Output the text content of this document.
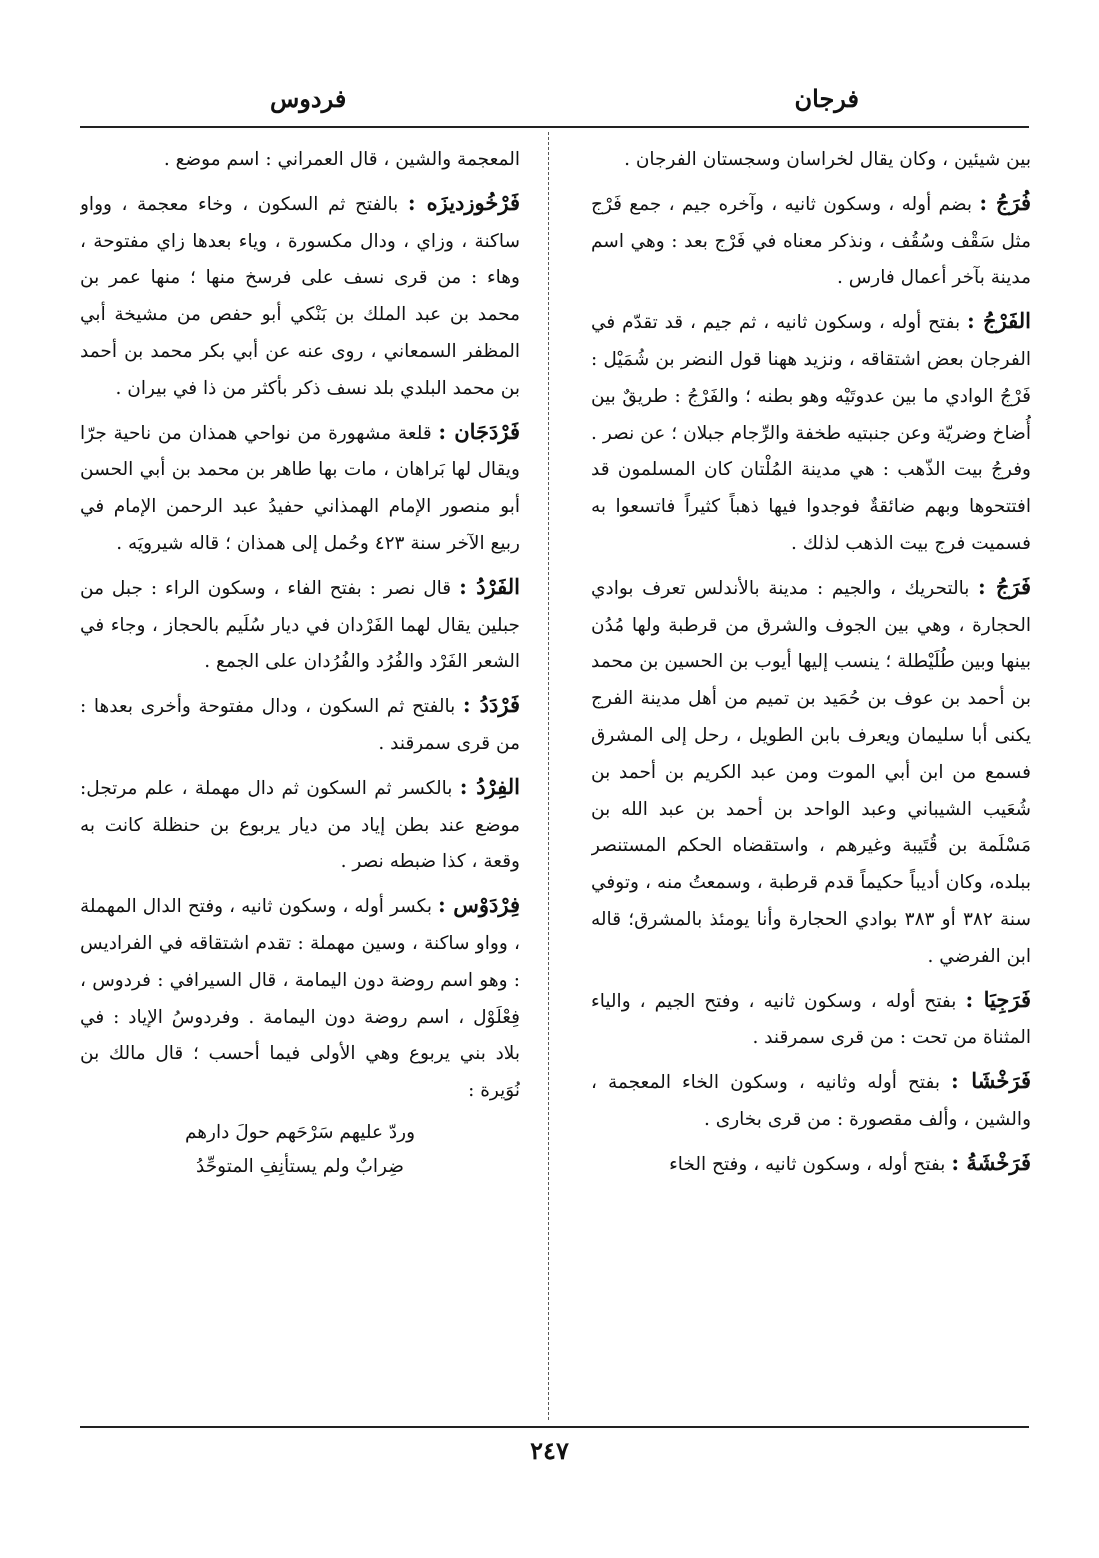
فرجان
فردوس

بين شيئين ، وكان يقال لخراسان وسجستان الفرجان .

فُرَجُ : بضم أوله ، وسكون ثانيه ، وآخره جيم ، جمع فَرْج مثل سَقْف وسُقُف ، ونذكر معناه في فَرْج بعد : وهي اسم مدينة بآخر أعمال فارس .

الفَرْجُ : بفتح أوله ، وسكون ثانيه ، ثم جيم ، قد تقدّم في الفرجان بعض اشتقاقه ، ونزيد ههنا قول النضر بن شُمَيْل : فَرْجُ الوادي ما بين عدوتَيْه وهو بطنه ؛ والفَرْجُ : طريقٌ بين أُضاخ وضريّة وعن جنبتيه طخفة والرِّجام جبلان ؛ عن نصر . وفرجُ بيت الذّهب : هي مدينة المُلْتان كان المسلمون قد افتتحوها وبهم ضائقةٌ فوجدوا فيها ذهباً كثيراً فاتسعوا به فسميت فرج بيت الذهب لذلك .

فَرَجُ : بالتحريك ، والجيم : مدينة بالأندلس تعرف بوادي الحجارة ، وهي بين الجوف والشرق من قرطبة ولها مُدُن بينها وبين طُلَيْطلة ؛ ينسب إليها أيوب بن الحسين بن محمد بن أحمد بن عوف بن حُمَيد بن تميم من أهل مدينة الفرج يكنى أبا سليمان ويعرف بابن الطويل ، رحل إلى المشرق فسمع من ابن أبي الموت ومن عبد الكريم بن أحمد بن شُعَيب الشيباني وعبد الواحد بن أحمد بن عبد الله بن مَسْلَمة بن قُتَيبة وغيرهم ، واستقضاه الحكم المستنصر ببلده، وكان أديباً حكيماً قدم قرطبة ، وسمعتُ منه ، وتوفي سنة ٣٨٢ أو ٣٨٣ بوادي الحجارة وأنا يومئذ بالمشرق؛ قاله ابن الفرضي .

فَرَجِيَا : بفتح أوله ، وسكون ثانيه ، وفتح الجيم ، والياء المثناة من تحت : من قرى سمرقند .

فَرَخْشَا : بفتح أوله وثانيه ، وسكون الخاء المعجمة ، والشين ، وألف مقصورة : من قرى بخارى .

فَرَخْشَةُ : بفتح أوله ، وسكون ثانيه ، وفتح الخاء

المعجمة والشين ، قال العمراني : اسم موضع .

فَرْخُوزديزَه : بالفتح ثم السكون ، وخاء معجمة ، وواو ساكنة ، وزاي ، ودال مكسورة ، وياء بعدها زاي مفتوحة ، وهاء : من قرى نسف على فرسخ منها ؛ منها عمر بن محمد بن عبد الملك بن بَنْكي أبو حفص من مشيخة أبي المظفر السمعاني ، روى عنه عن أبي بكر محمد بن أحمد بن محمد البلدي بلد نسف ذكر بأكثر من ذا في بيران .

فَرْدَجَان : قلعة مشهورة من نواحي همذان من ناحية جرّا ويقال لها بَراهان ، مات بها طاهر بن محمد بن أبي الحسن أبو منصور الإمام الهمذاني حفيدُ عبد الرحمن الإمام في ربيع الآخر سنة ٤٢٣ وحُمل إلى همذان ؛ قاله شيرويَه .

الفَرْدُ : قال نصر : بفتح الفاء ، وسكون الراء : جبل من جبلين يقال لهما الفَرْدان في ديار سُلَيم بالحجاز ، وجاء في الشعر الفَرْد والفُرُد والفُرُدان على الجمع .

فَرْدَدُ : بالفتح ثم السكون ، ودال مفتوحة وأخرى بعدها : من قرى سمرقند .

الفِرْدُ : بالكسر ثم السكون ثم دال مهملة ، علم مرتجل: موضع عند بطن إياد من ديار يربوع بن حنظلة كانت به وقعة ، كذا ضبطه نصر .

فِرْدَوْس : بكسر أوله ، وسكون ثانيه ، وفتح الدال المهملة ، وواو ساكنة ، وسين مهملة : تقدم اشتقاقه في الفراديس : وهو اسم روضة دون اليمامة ، قال السيرافي : فردوس ، فِعْلَوْل ، اسم روضة دون اليمامة . وفردوسُ الإياد : في بلاد بني يربوع وهي الأولى فيما أحسب ؛ قال مالك بن نُوَيرة :

وردّ عليهم سَرْحَهم حولَ دارهم
ضِرابٌ ولم يستأنِفِ المتوحِّدُ
٢٤٧
